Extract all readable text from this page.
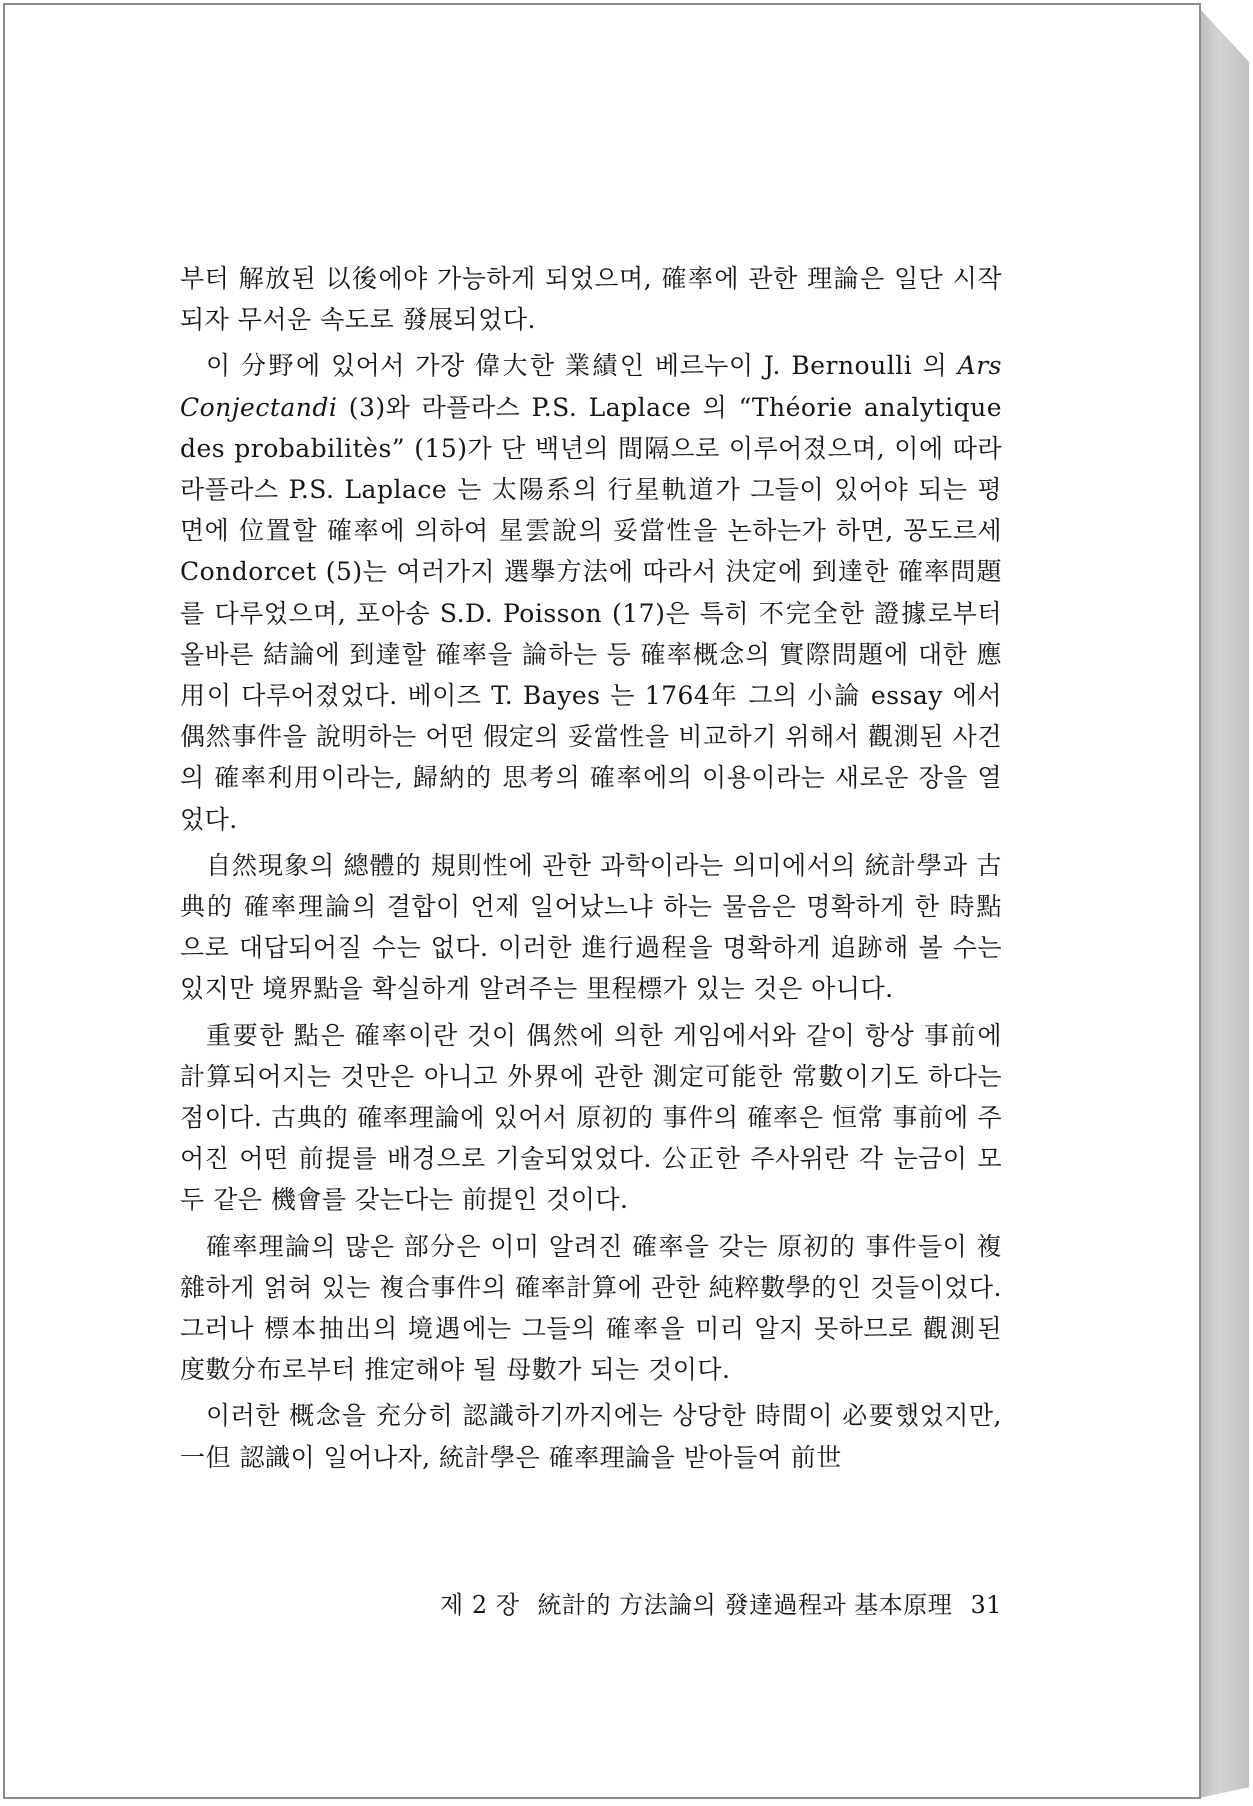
부터 解放된 以後에야 가능하게 되었으며, 確率에 관한 理論은 일단 시작되자 무서운 속도로 發展되었다.

이 分野에 있어서 가장 偉大한 業績인 베르누이 J. Bernoulli 의 Ars Conjectandi (3)와 라플라스 P.S. Laplace 의 “Théorie analytique des probabilitès” (15)가 단 백년의 間隔으로 이루어졌으며, 이에 따라 라플라스 P.S. Laplace 는 太陽系의 行星軌道가 그들이 있어야 되는 평면에 位置할 確率에 의하여 星雲說의 妥當性을 논하는가 하면, 꽁도르세 Condorcet (5)는 여러가지 選擧方法에 따라서 決定에 到達한 確率問題를 다루었으며, 포아송 S.D. Poisson (17)은 특히 不完全한 證據로부터 올바른 結論에 到達할 確率을 論하는 등 確率概念의 實際問題에 대한 應用이 다루어졌었다. 베이즈 T. Bayes 는 1764年 그의 小論 essay 에서 偶然事件을 說明하는 어떤 假定의 妥當性을 비교하기 위해서 觀測된 사건의 確率利用이라는, 歸納的 思考의 確率에의 이용이라는 새로운 장을 열었다.

自然現象의 總體的 規則性에 관한 과학이라는 의미에서의 統計學과 古典的 確率理論의 결합이 언제 일어났느냐 하는 물음은 명확하게 한 時點으로 대답되어질 수는 없다. 이러한 進行過程을 명확하게 追跡해 볼 수는 있지만 境界點을 확실하게 알려주는 里程標가 있는 것은 아니다.

重要한 點은 確率이란 것이 偶然에 의한 게임에서와 같이 항상 事前에 計算되어지는 것만은 아니고 外界에 관한 測定可能한 常數이기도 하다는 점이다. 古典的 確率理論에 있어서 原初的 事件의 確率은 恒常 事前에 주어진 어떤 前提를 배경으로 기술되었었다. 公正한 주사위란 각 눈금이 모두 같은 機會를 갖는다는 前提인 것이다.

確率理論의 많은 部分은 이미 알려진 確率을 갖는 原初的 事件들이 複雜하게 얽혀 있는 複合事件의 確率計算에 관한 純粹數學的인 것들이었다. 그러나 標本抽出의 境遇에는 그들의 確率을 미리 알지 못하므로 觀測된 度數分布로부터 推定해야 될 母數가 되는 것이다.

이러한 概念을 充分히 認識하기까지에는 상당한 時間이 必要했었지만, 一但 認識이 일어나자, 統計學은 確率理論을 받아들여 前世

제 2 장 統計的 方法論의 發達過程과 基本原理 31
